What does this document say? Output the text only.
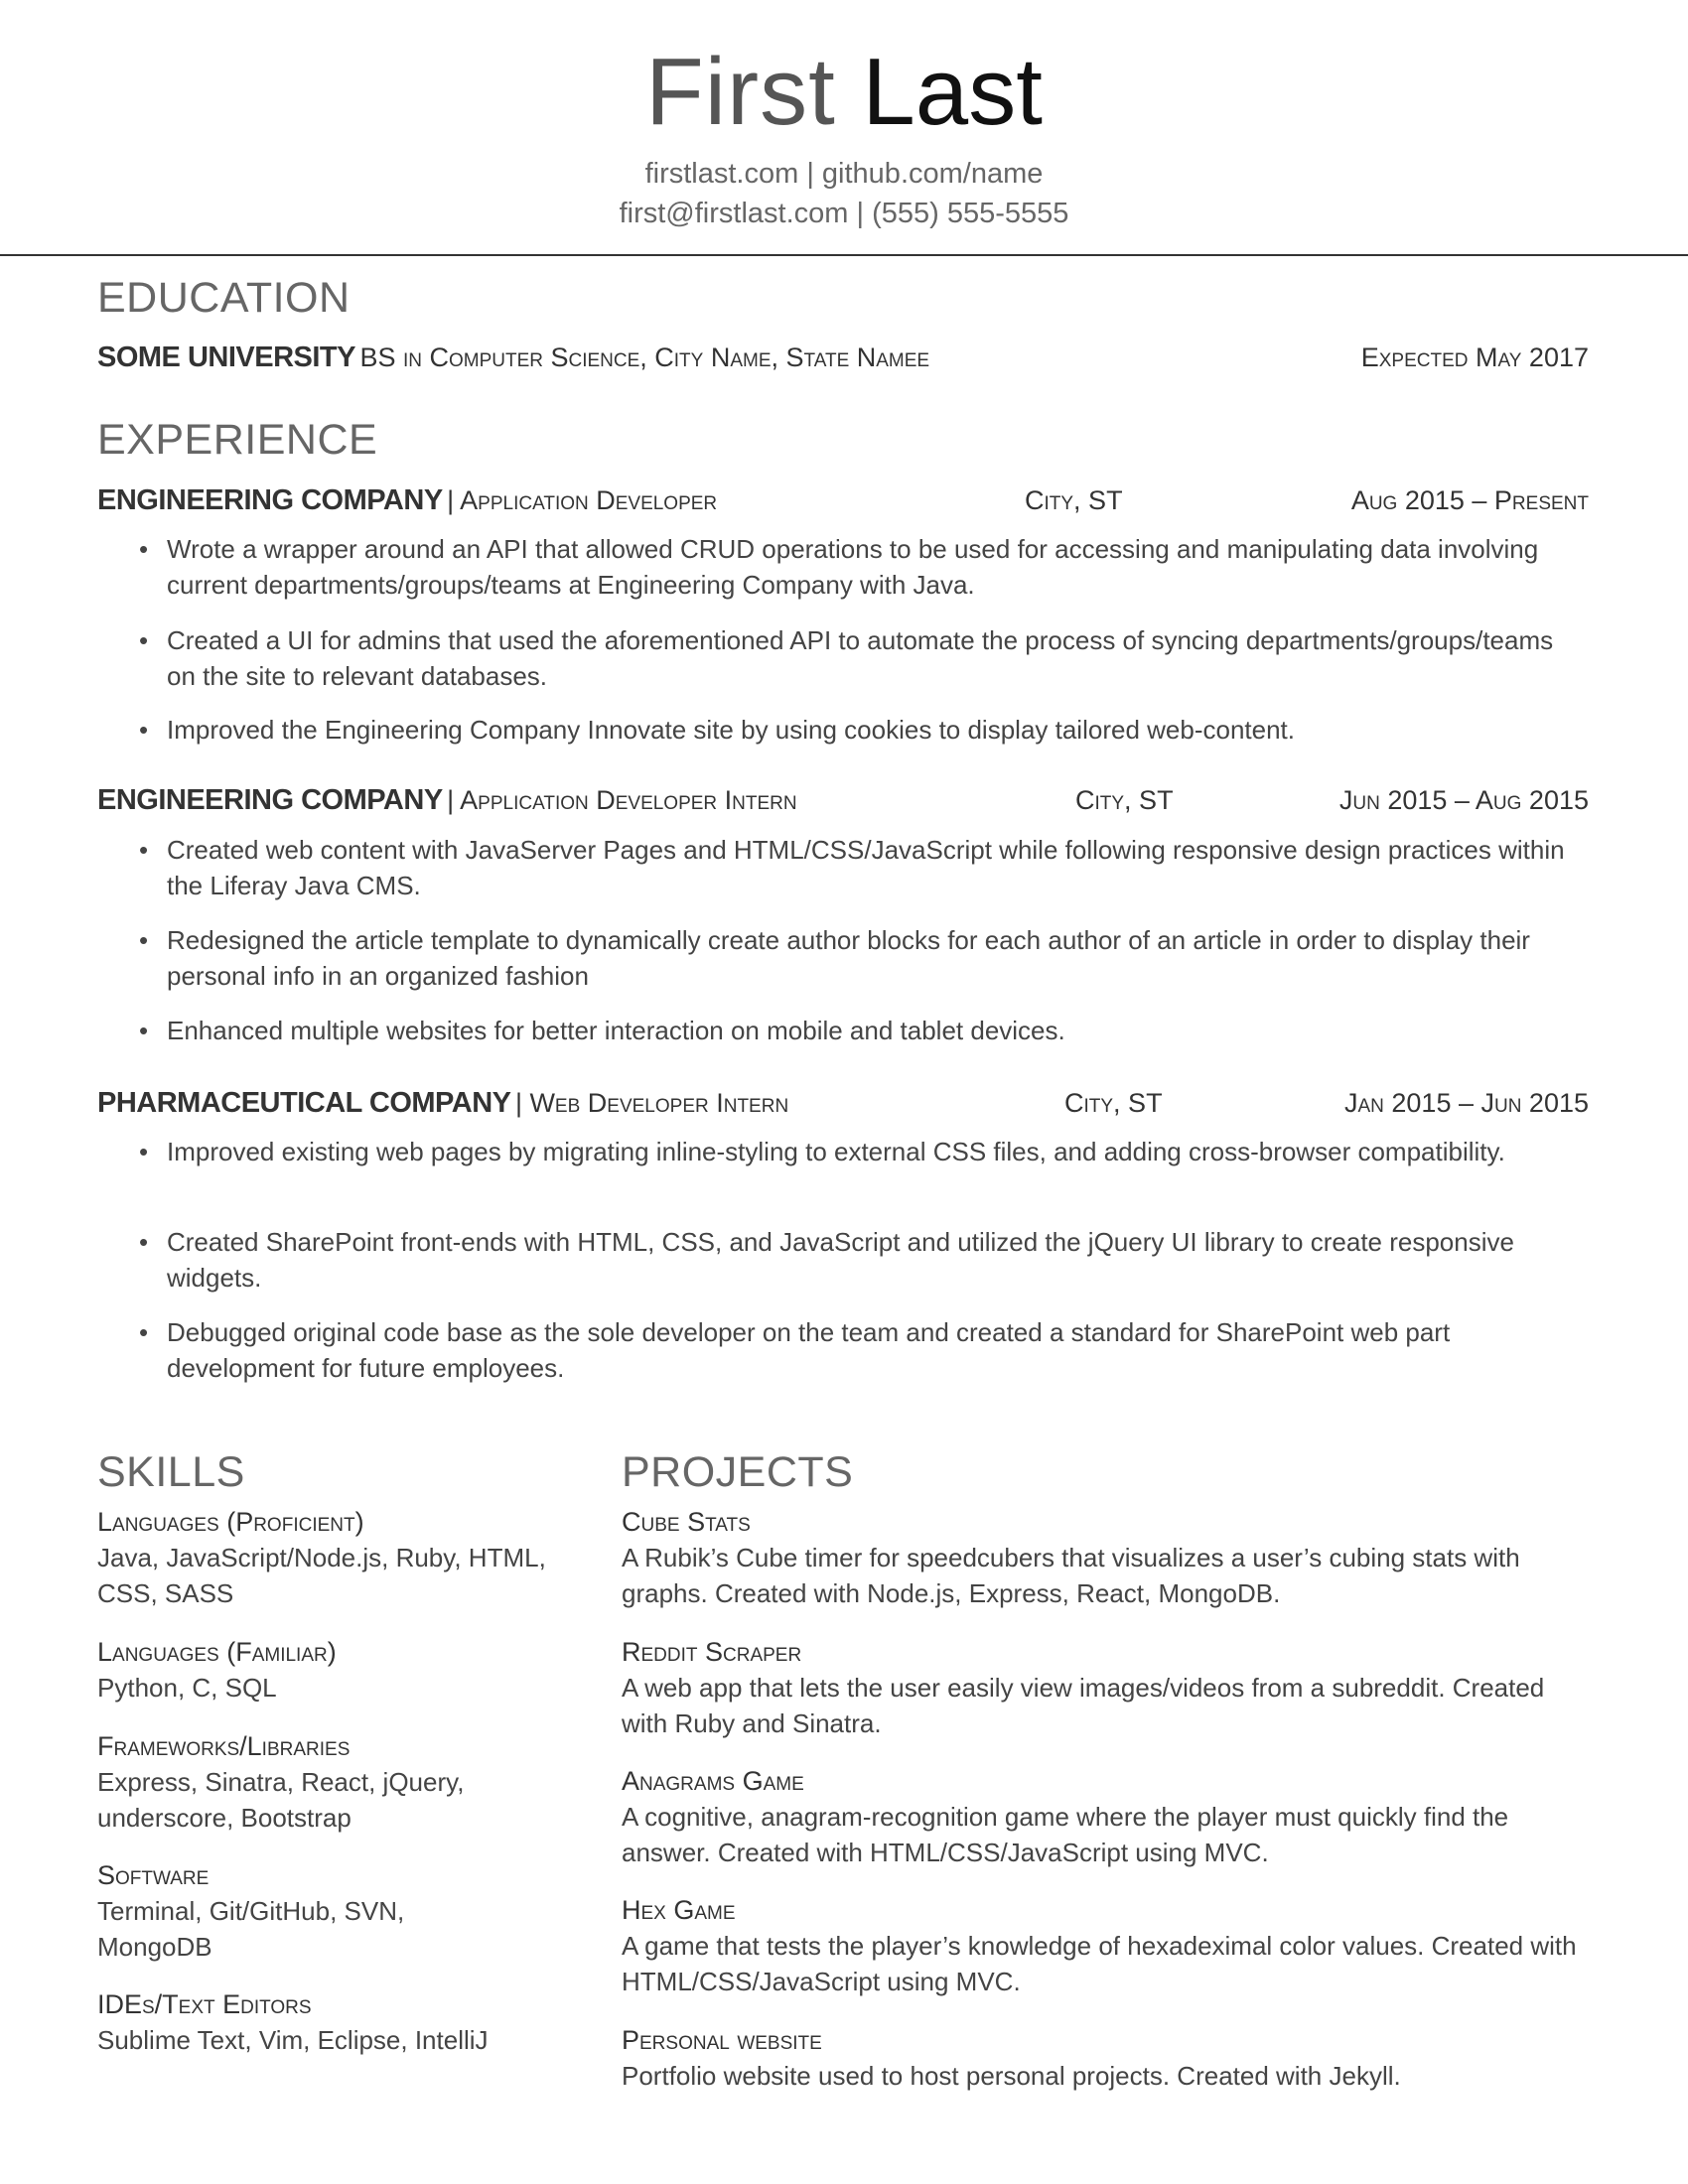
First Last
firstlast.com | github.com/name
first@firstlast.com | (555) 555-5555
EDUCATION
SOME UNIVERSITY BS in Computer Science, City Name, State Namee	Expected May 2017
EXPERIENCE
ENGINEERING COMPANY | Application Developer	City, ST	Aug 2015 – Present
• Wrote a wrapper around an API that allowed CRUD operations to be used for accessing and manipulating data involving current departments/groups/teams at Engineering Company with Java.
• Created a UI for admins that used the aforementioned API to automate the process of syncing departments/groups/teams on the site to relevant databases.
• Improved the Engineering Company Innovate site by using cookies to display tailored web-content.
ENGINEERING COMPANY | Application Developer Intern	City, ST	Jun 2015 – Aug 2015
• Created web content with JavaServer Pages and HTML/CSS/JavaScript while following responsive design practices within the Liferay Java CMS.
• Redesigned the article template to dynamically create author blocks for each author of an article in order to display their personal info in an organized fashion
• Enhanced multiple websites for better interaction on mobile and tablet devices.
PHARMACEUTICAL COMPANY | Web Developer Intern	City, ST	Jan 2015 – Jun 2015
• Improved existing web pages by migrating inline-styling to external CSS files, and adding cross-browser compatibility.
• Created SharePoint front-ends with HTML, CSS, and JavaScript and utilized the jQuery UI library to create responsive widgets.
• Debugged original code base as the sole developer on the team and created a standard for SharePoint web part development for future employees.
SKILLS
Languages (Proficient)
Java, JavaScript/Node.js, Ruby, HTML, CSS, SASS
Languages (Familiar)
Python, C, SQL
Frameworks/Libraries
Express, Sinatra, React, jQuery, underscore, Bootstrap
Software
Terminal, Git/GitHub, SVN, MongoDB
IDEs/Text Editors
Sublime Text, Vim, Eclipse, IntelliJ
PROJECTS
Cube Stats
A Rubik’s Cube timer for speedcubers that visualizes a user’s cubing stats with graphs. Created with Node.js, Express, React, MongoDB.
Reddit Scraper
A web app that lets the user easily view images/videos from a subreddit. Created with Ruby and Sinatra.
Anagrams Game
A cognitive, anagram-recognition game where the player must quickly find the answer. Created with HTML/CSS/JavaScript using MVC.
Hex Game
A game that tests the player’s knowledge of hexadeximal color values. Created with HTML/CSS/JavaScript using MVC.
Personal website
Portfolio website used to host personal projects. Created with Jekyll.
